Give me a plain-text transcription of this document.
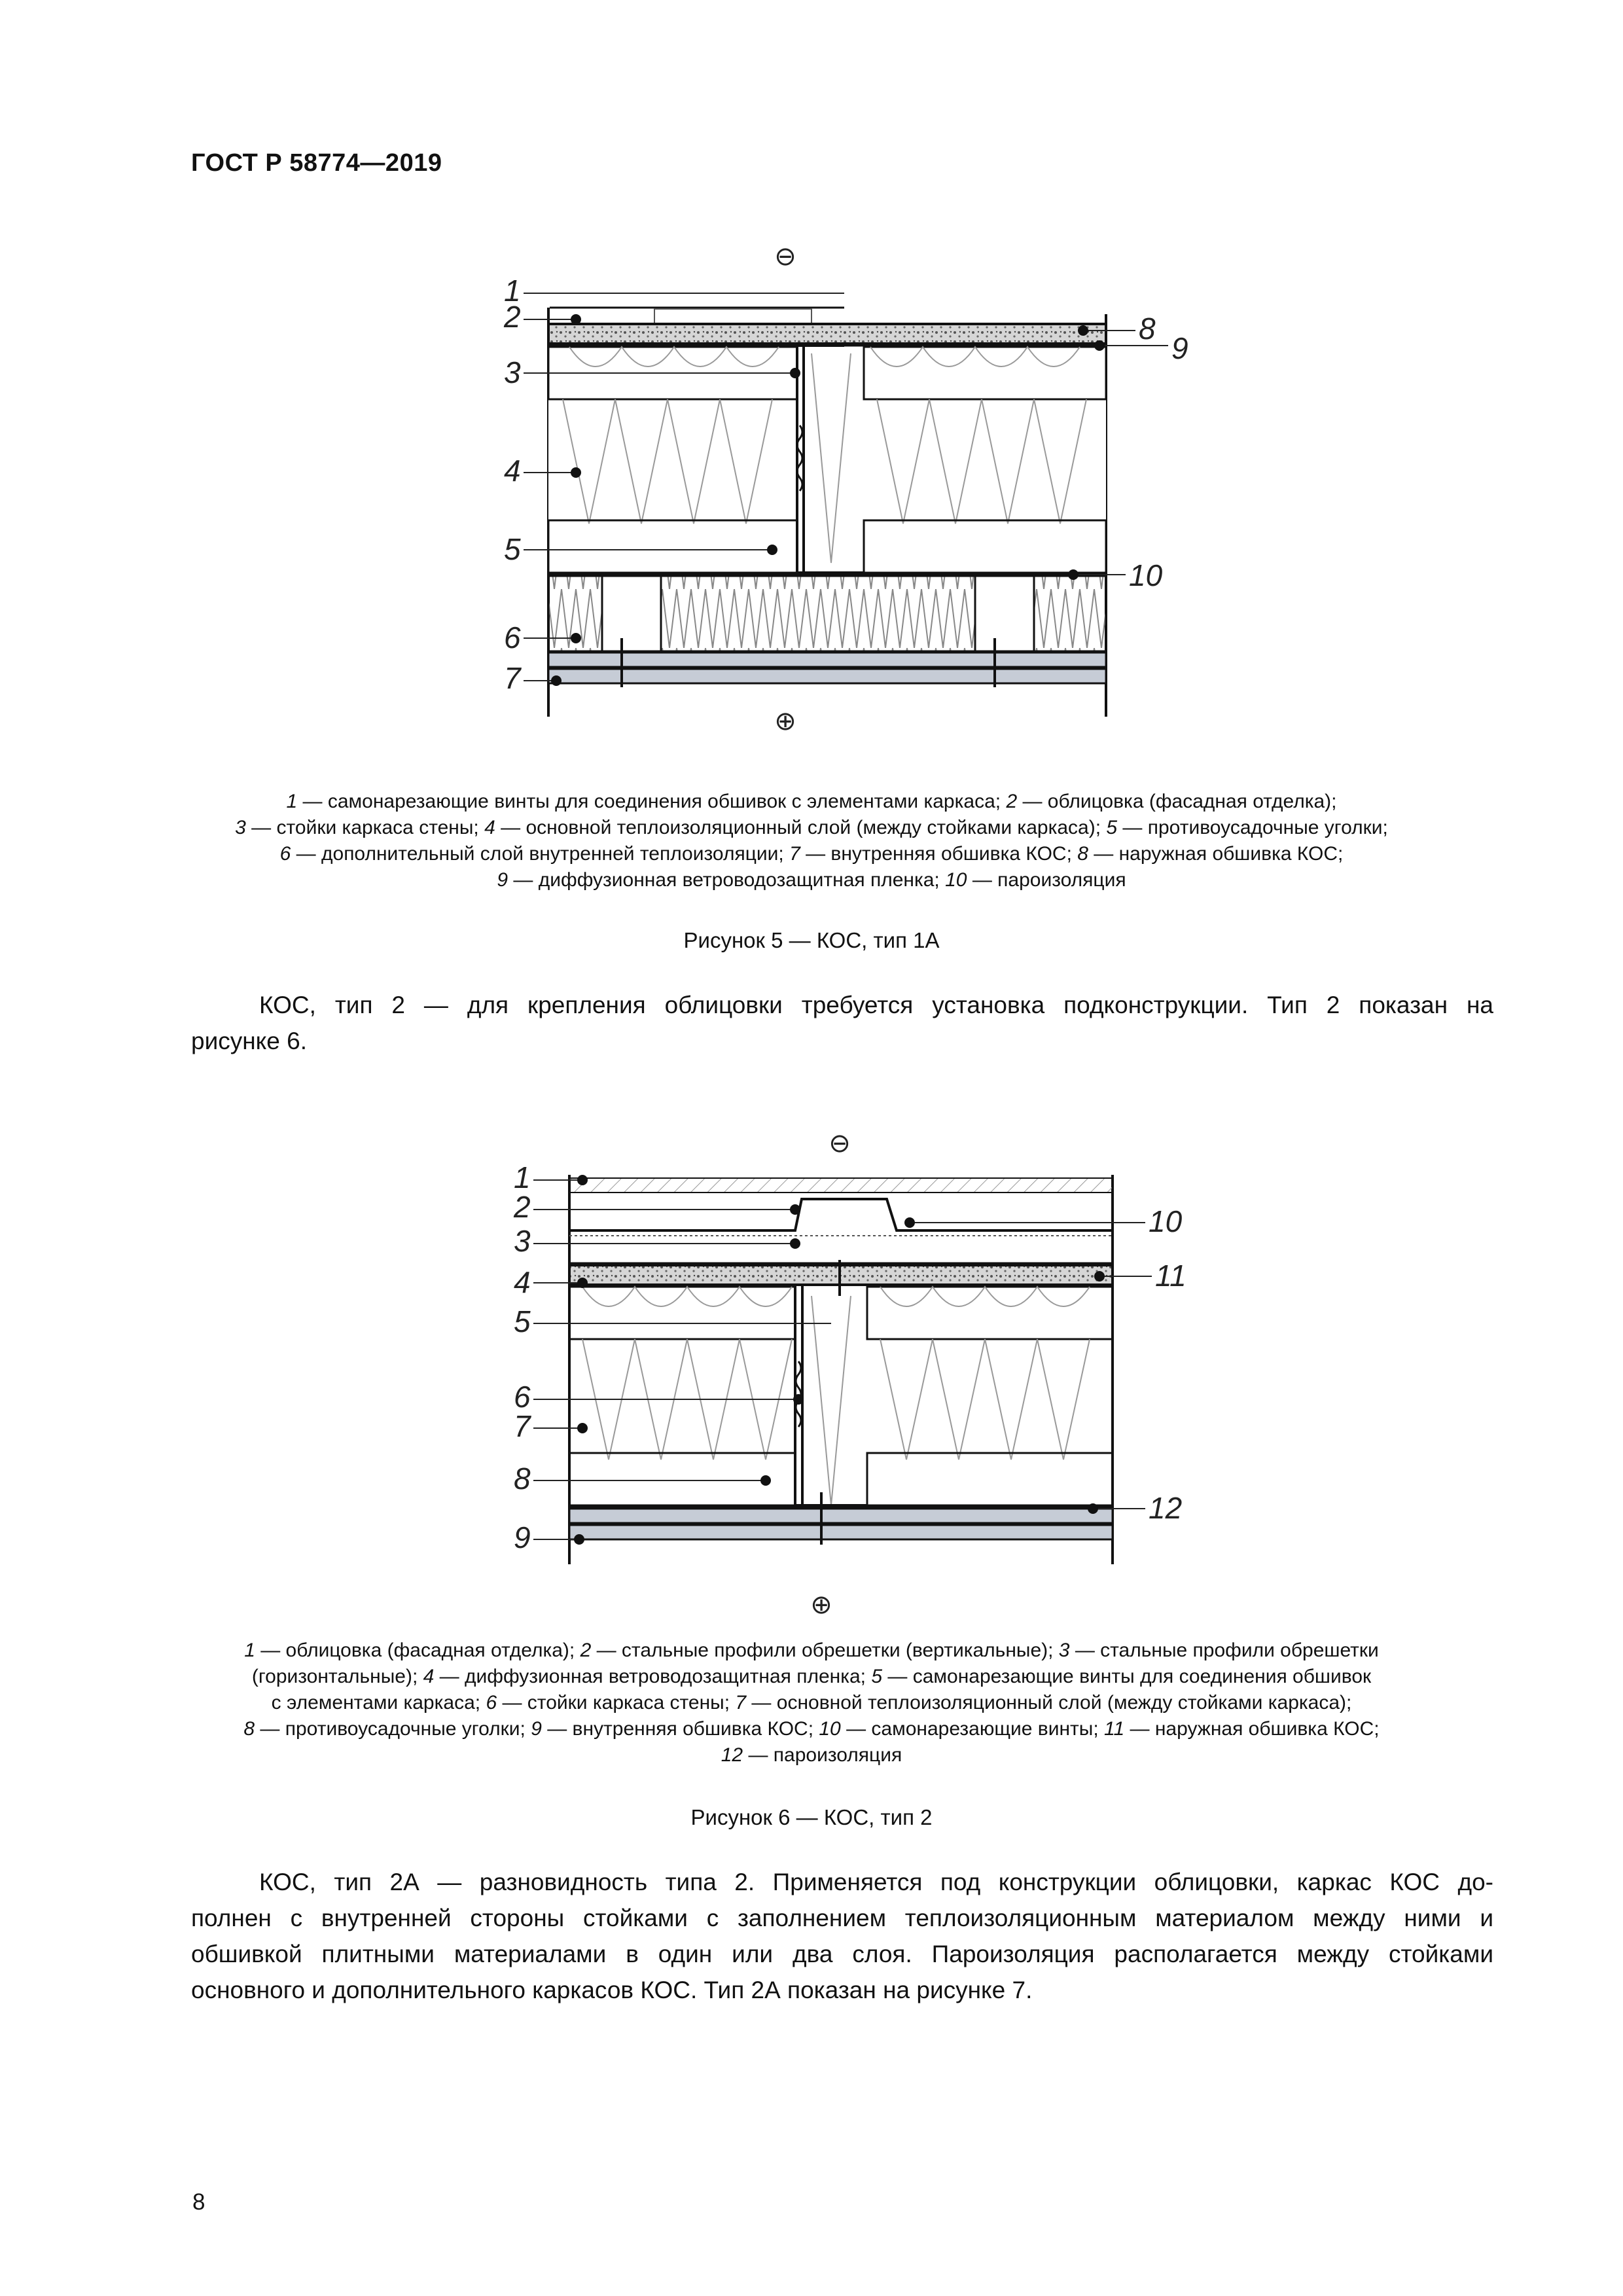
ГОСТ Р 58774—2019
⊖
⊕
1
2
3
4
5
6
7
8
9
10
1 — самонарезающие винты для соединения обшивок с элементами каркаса; 2 — облицовка (фасадная отделка);
3 — стойки каркаса стены; 4 — основной теплоизоляционный слой (между стойками каркаса); 5 — противоусадочные уголки;
6 — дополнительный слой внутренней теплоизоляции; 7 — внутренняя обшивка КОС; 8 — наружная обшивка КОС;
9 — диффузионная ветроводозащитная пленка; 10 — пароизоляция
Рисунок 5 — КОС, тип 1А
КОС, тип 2 — для крепления облицовки требуется установка подконструкции. Тип 2 показан на
рисунке 6.
⊖
⊕
1
2
3
4
5
6
7
8
9
10
11
12
1 — облицовка (фасадная отделка); 2 — стальные профили обрешетки (вертикальные); 3 — стальные профили обрешетки
(горизонтальные); 4 — диффузионная ветроводозащитная пленка; 5 — самонарезающие винты для соединения обшивок
с элементами каркаса; 6 — стойки каркаса стены; 7 — основной теплоизоляционный слой (между стойками каркаса);
8 — противоусадочные уголки; 9 — внутренняя обшивка КОС; 10 — самонарезающие винты; 11 — наружная обшивка КОС;
12 — пароизоляция
Рисунок 6 — КОС, тип 2
КОС, тип 2А — разновидность типа 2. Применяется под конструкции облицовки, каркас КОС до-
полнен с внутренней стороны стойками с заполнением теплоизоляционным материалом между ними и
обшивкой плитными материалами в один или два слоя. Пароизоляция располагается между стойками
основного и дополнительного каркасов КОС. Тип 2А показан на рисунке 7.
8
